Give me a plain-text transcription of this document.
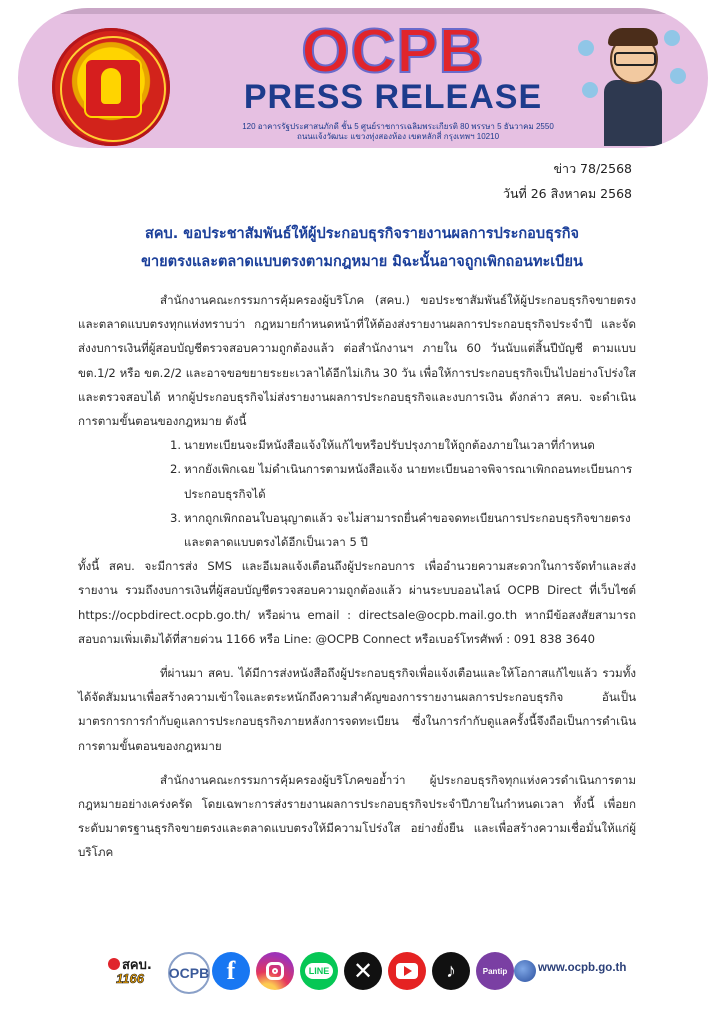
OCPB
PRESS RELEASE
120 อาคารรัฐประศาสนภักดี ชั้น 5 ศูนย์ราชการเฉลิมพระเกียรติ 80 พรรษา 5 ธันวาคม 2550
ถนนแจ้งวัฒนะ แขวงทุ่งสองห้อง เขตหลักสี่ กรุงเทพฯ 10210
ข่าว 78/2568
วันที่ 26 สิงหาคม 2568
สคบ. ขอประชาสัมพันธ์ให้ผู้ประกอบธุรกิจรายงานผลการประกอบธุรกิจ
ขายตรงและตลาดแบบตรงตามกฎหมาย มิฉะนั้นอาจถูกเพิกถอนทะเบียน

สำนักงานคณะกรรมการคุ้มครองผู้บริโภค (สคบ.) ขอประชาสัมพันธ์ให้ผู้ประกอบธุรกิจขายตรงและตลาดแบบตรงทุกแห่งทราบว่า กฎหมายกำหนดหน้าที่ให้ต้องส่งรายงานผลการประกอบธุรกิจประจำปี และจัดส่งงบการเงินที่ผู้สอบบัญชีตรวจสอบความถูกต้องแล้ว ต่อสำนักงานฯ ภายใน 60 วันนับแต่สิ้นปีบัญชี ตามแบบ ขต.1/2 หรือ ขต.2/2 และอาจขอขยายระยะเวลาได้อีกไม่เกิน 30 วัน เพื่อให้การประกอบธุรกิจเป็นไปอย่างโปร่งใสและตรวจสอบได้ หากผู้ประกอบธุรกิจไม่ส่งรายงานผลการประกอบธุรกิจและงบการเงิน ดังกล่าว สคบ. จะดำเนินการตามขั้นตอนของกฎหมาย ดังนี้

1. นายทะเบียนจะมีหนังสือแจ้งให้แก้ไขหรือปรับปรุงภายให้ถูกต้องภายในเวลาที่กำหนด
2. หากยังเพิกเฉย ไม่ดำเนินการตามหนังสือแจ้ง นายทะเบียนอาจพิจารณาเพิกถอนทะเบียนการประกอบธุรกิจได้
3. หากถูกเพิกถอนใบอนุญาตแล้ว จะไม่สามารถยื่นคำขอจดทะเบียนการประกอบธุรกิจขายตรงและตลาดแบบตรงได้อีกเป็นเวลา 5 ปี

ทั้งนี้ สคบ. จะมีการส่ง SMS และอีเมลแจ้งเตือนถึงผู้ประกอบการ เพื่ออำนวยความสะดวกในการจัดทำและส่งรายงาน รวมถึงงบการเงินที่ผู้สอบบัญชีตรวจสอบความถูกต้องแล้ว ผ่านระบบออนไลน์ OCPB Direct ที่เว็บไซต์ https://ocpbdirect.ocpb.go.th/ หรือผ่าน email : directsale@ocpb.mail.go.th หากมีข้อสงสัยสามารถสอบถามเพิ่มเติมได้ที่สายด่วน 1166 หรือ Line: @OCPB Connect หรือเบอร์โทรศัพท์ : 091 838 3640

ที่ผ่านมา สคบ. ได้มีการส่งหนังสือถึงผู้ประกอบธุรกิจเพื่อแจ้งเตือนและให้โอกาสแก้ไขแล้ว รวมทั้งได้จัดสัมมนาเพื่อสร้างความเข้าใจและตระหนักถึงความสำคัญของการรายงานผลการประกอบธุรกิจ อันเป็นมาตรการการกำกับดูแลการประกอบธุรกิจภายหลังการจดทะเบียน ซึ่งในการกำกับดูแลครั้งนี้จึงถือเป็นการดำเนินการตามขั้นตอนของกฎหมาย

สำนักงานคณะกรรมการคุ้มครองผู้บริโภคขอย้ำว่า ผู้ประกอบธุรกิจทุกแห่งควรดำเนินการตามกฎหมายอย่างเคร่งครัด โดยเฉพาะการส่งรายงานผลการประกอบธุรกิจประจำปีภายในกำหนดเวลา ทั้งนี้ เพื่อยกระดับมาตรฐานธุรกิจขายตรงและตลาดแบบตรงให้มีความโปร่งใส อย่างยั่งยืน และเพื่อสร้างความเชื่อมั่นให้แก่ผู้บริโภค

สคบ.
1166 OCPB f	LINE ✕	♪	Pantip	www.ocpb.go.th
